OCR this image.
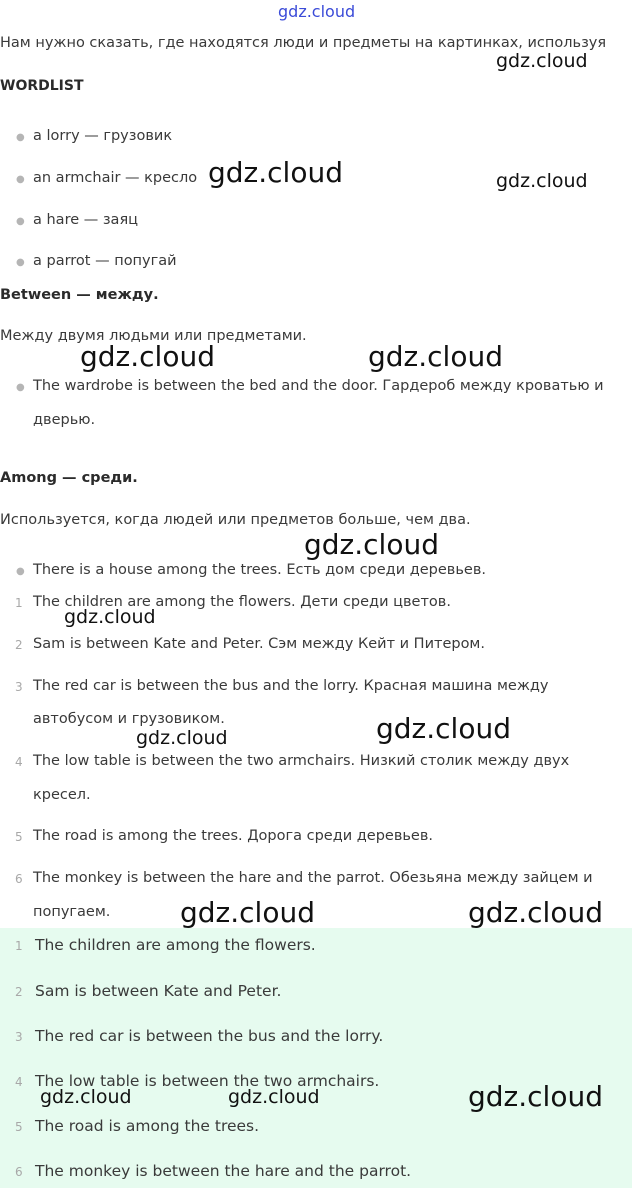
gdz.cloud
Нам нужно сказать, где находятся люди и предметы на картинках, используя
WORDLIST
● a lorry — грузовик
● an armchair — кресло
● a hare — заяц
● a parrot — попугай
Between — между.
Между двумя людьми или предметами.
● The wardrobe is between the bed and the door. Гардероб между кроватью и
дверью.
Among — среди.
Используется, когда людей или предметов больше, чем два.
● There is a house among the trees. Есть дом среди деревьев.
1 The children are among the flowers. Дети среди цветов.
2 Sam is between Kate and Peter. Сэм между Кейт и Питером.
3 The red car is between the bus and the lorry. Красная машина между
автобусом и грузовиком.
4 The low table is between the two armchairs. Низкий столик между двух
кресел.
5 The road is among the trees. Дорога среди деревьев.
6 The monkey is between the hare and the parrot. Обезьяна между зайцем и
попугаем.
1 The children are among the flowers.
2 Sam is between Kate and Peter.
3 The red car is between the bus and the lorry.
4 The low table is between the two armchairs.
5 The road is among the trees.
6 The monkey is between the hare and the parrot.
gdz.cloud
gdz.cloud	gdz.cloud
gdz.cloud	gdz.cloud
gdz.cloud
gdz.cloud
gdz.cloud
gdz.cloud
gdz.cloud	gdz.cloud
gdz.cloud	gdz.cloud	gdz.cloud
